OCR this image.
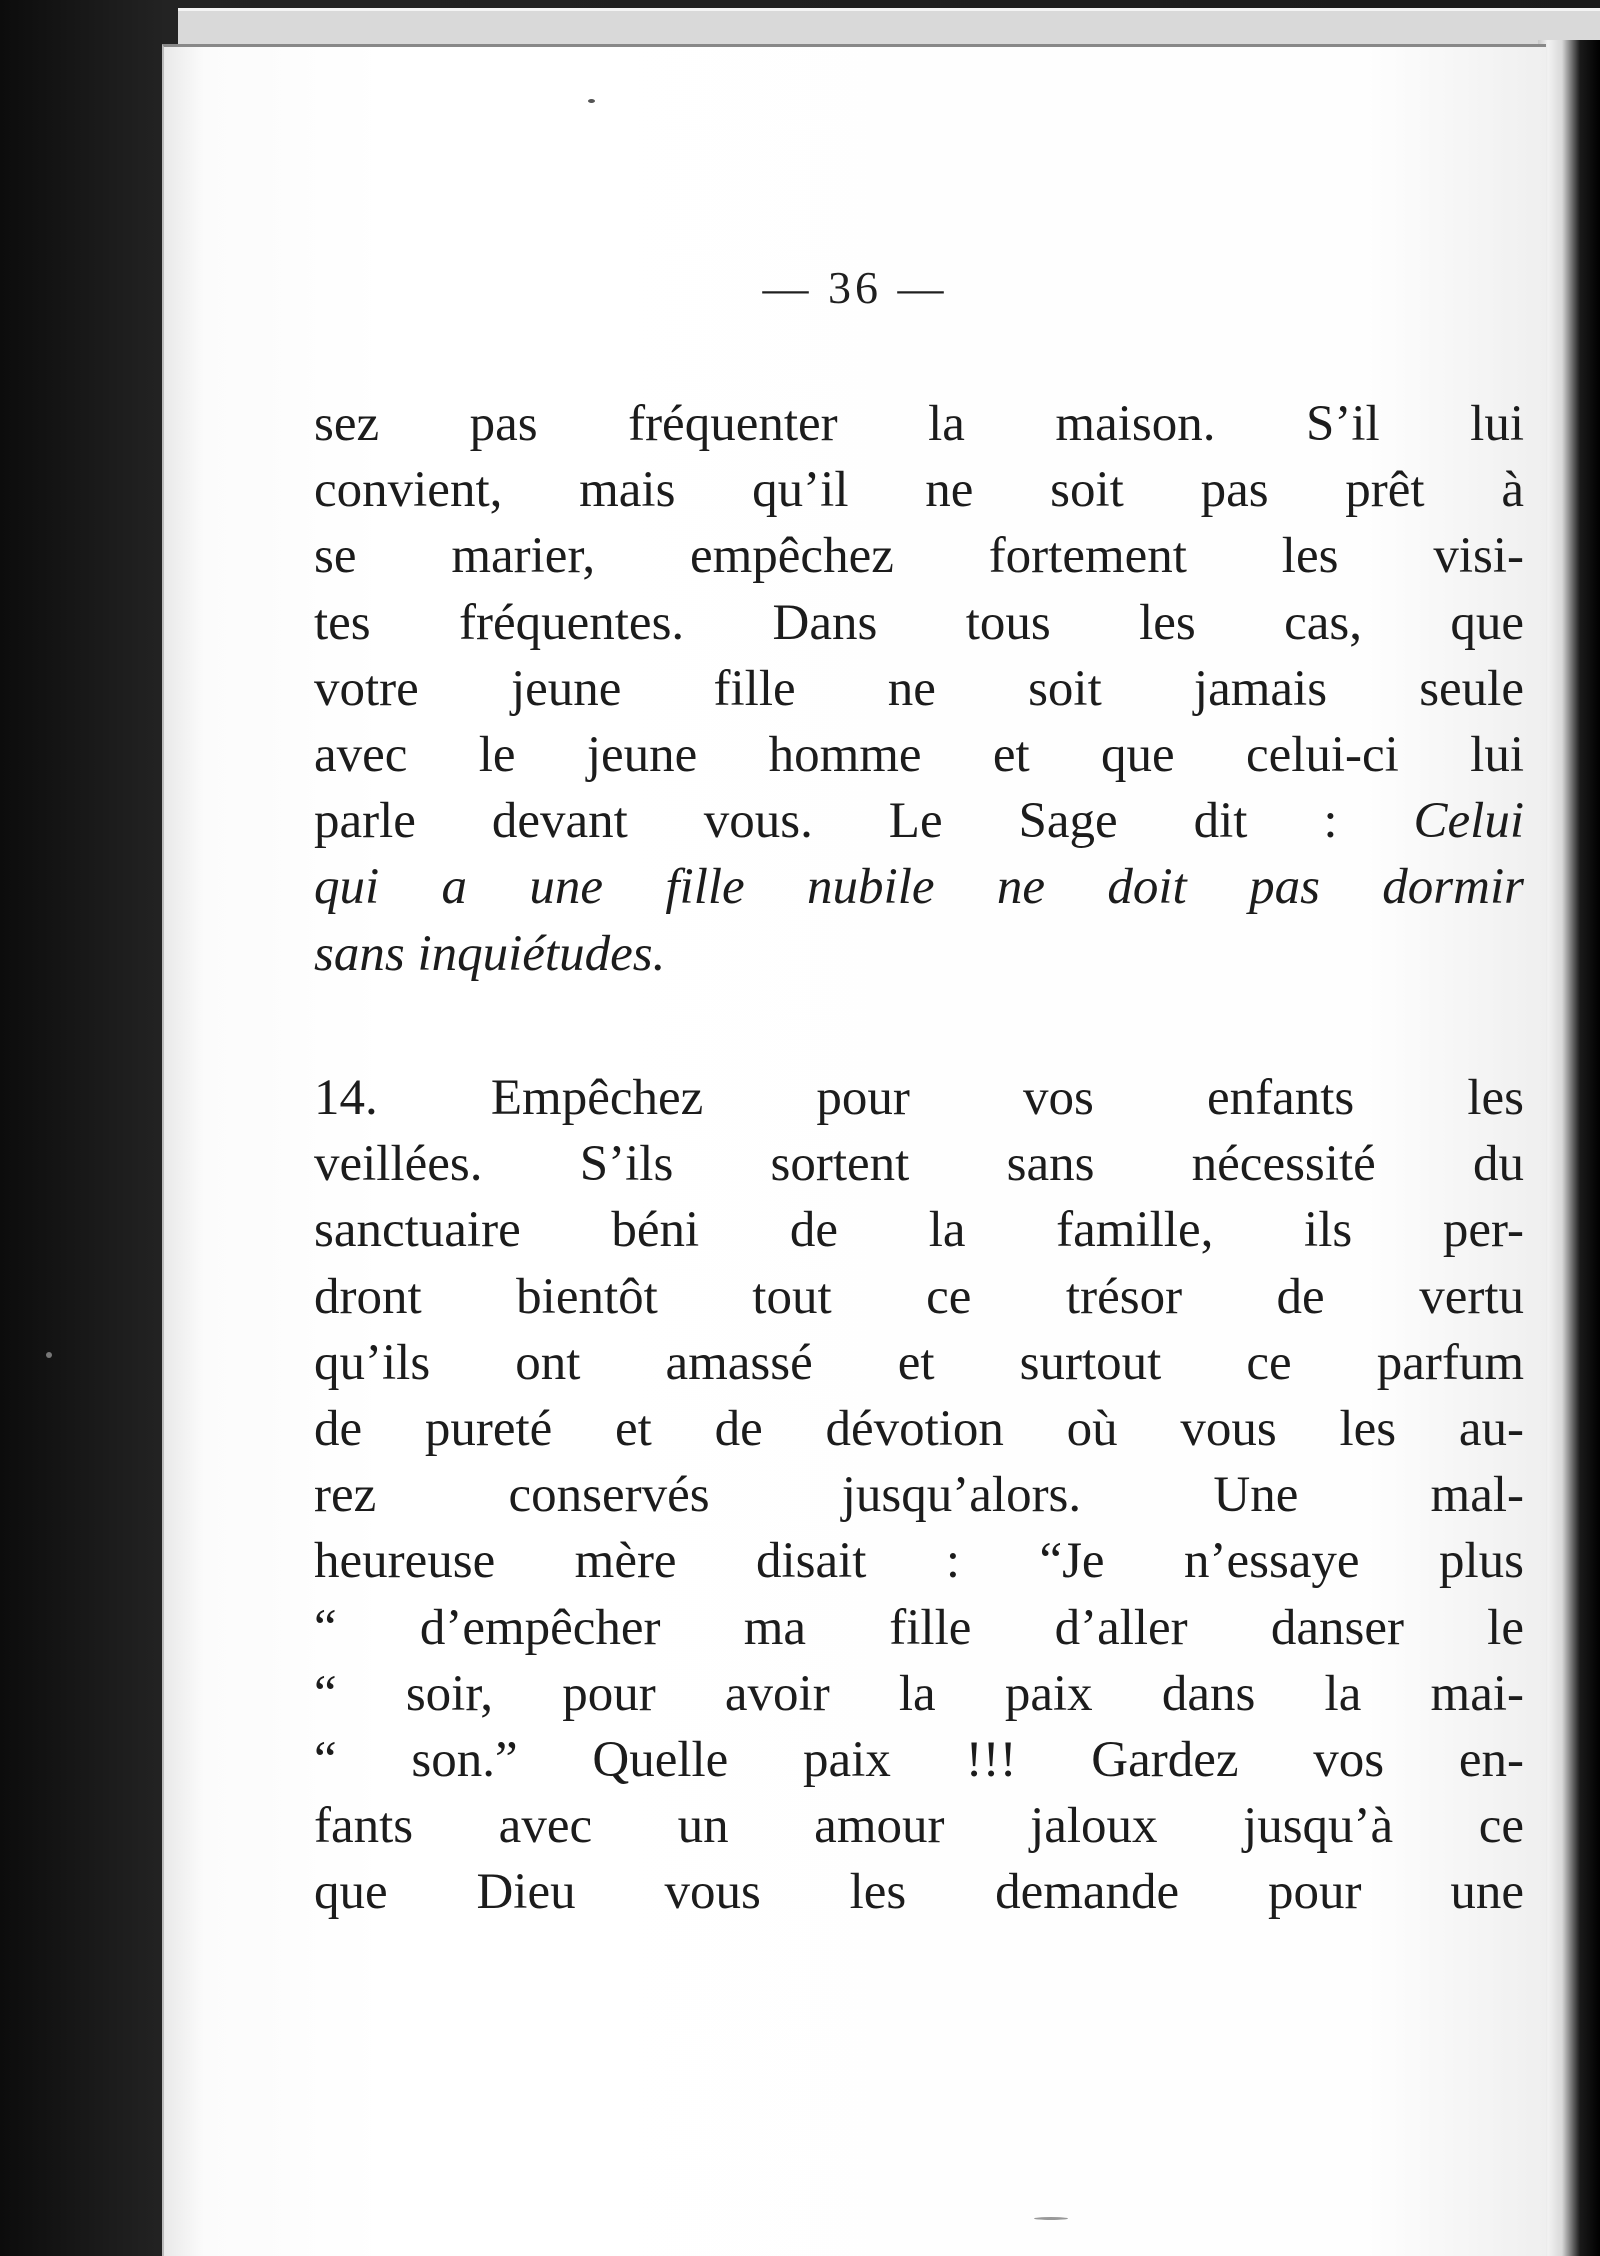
— 36 —
sez pas fréquenter la maison. S’il lui
convient, mais qu’il ne soit pas prêt à
se marier, empêchez fortement les visi-
tes fréquentes. Dans tous les cas, que
votre jeune fille ne soit jamais seule
avec le jeune homme et que celui-ci lui
parle devant vous. Le Sage dit : Celui
qui a une fille nubile ne doit pas dormir
sans inquiétudes.
14. Empêchez pour vos enfants les
veillées. S’ils sortent sans nécessité du
sanctuaire béni de la famille, ils per-
dront bientôt tout ce trésor de vertu
qu’ils ont amassé et surtout ce parfum
de pureté et de dévotion où vous les au-
rez conservés jusqu’alors. Une mal-
heureuse mère disait : “Je n’essaye plus
“ d’empêcher ma fille d’aller danser le
“ soir, pour avoir la paix dans la mai-
“ son.” Quelle paix !!! Gardez vos en-
fants avec un amour jaloux jusqu’à ce
que Dieu vous les demande pour une
